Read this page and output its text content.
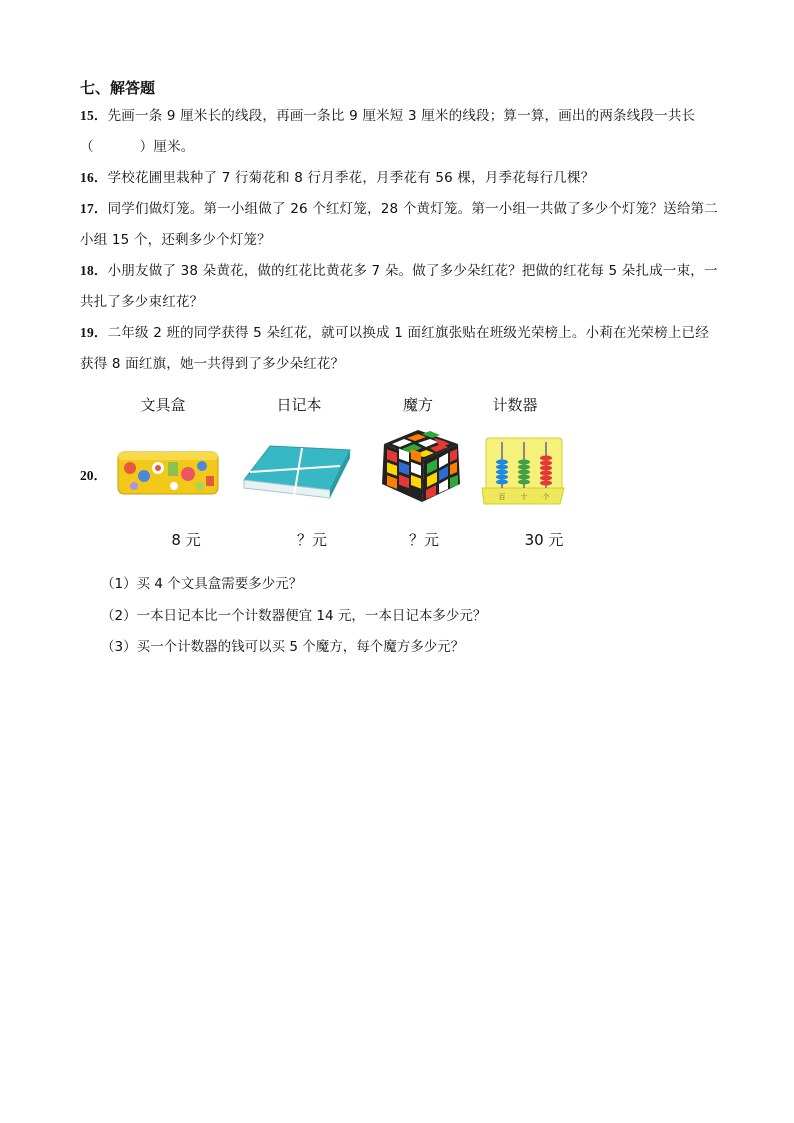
七、解答题
15．先画一条 9 厘米长的线段，再画一条比 9 厘米短 3 厘米的线段；算一算，画出的两条线段一共长
（	）厘米。
16．学校花圃里栽种了 7 行菊花和 8 行月季花，月季花有 56 棵，月季花每行几棵？
17．同学们做灯笼。第一小组做了 26 个红灯笼，28 个黄灯笼。第一小组一共做了多少个灯笼？送给第二
小组 15 个，还剩多少个灯笼？
18．小朋友做了 38 朵黄花，做的红花比黄花多 7 朵。做了多少朵红花？把做的红花每 5 朵扎成一束，一
共扎了多少束红花？
19．二年级 2 班的同学获得 5 朵红花，就可以换成 1 面红旗张贴在班级光荣榜上。小莉在光荣榜上已经
获得 8 面红旗，她一共得到了多少朵红花？
文具盒	日记本	魔方	计数器
20．
百 十 个
8 元	？元	？元	30 元
（1）买 4 个文具盒需要多少元？
（2）一本日记本比一个计数器便宜 14 元，一本日记本多少元？
（3）买一个计数器的钱可以买 5 个魔方，每个魔方多少元？
